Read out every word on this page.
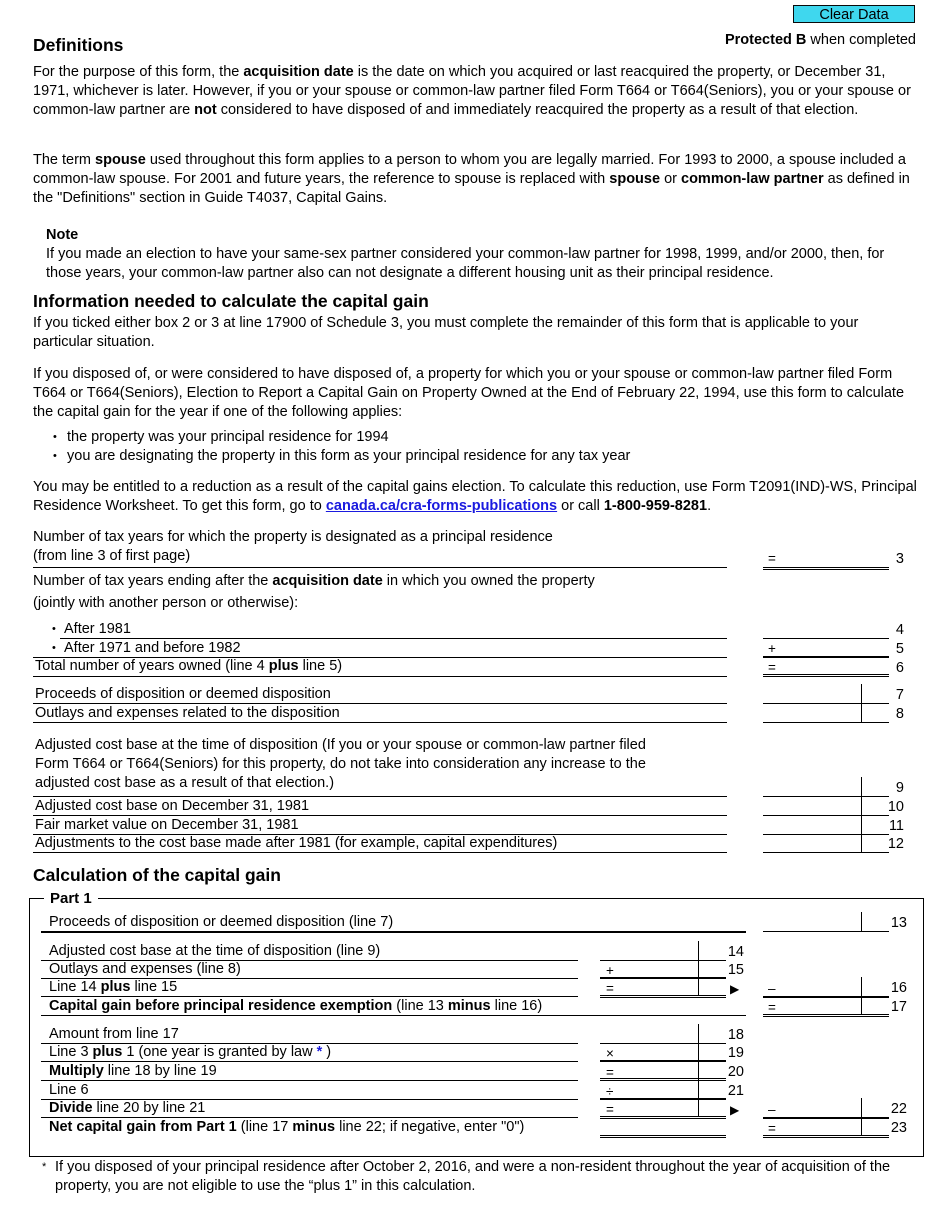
Clear Data
Protected B when completed
Definitions
For the purpose of this form, the acquisition date is the date on which you acquired or last reacquired the property, or December 31, 1971, whichever is later. However, if you or your spouse or common-law partner filed Form T664 or T664(Seniors), you or your spouse or common-law partner are not considered to have disposed of and immediately reacquired the property as a result of that election.
The term spouse used throughout this form applies to a person to whom you are legally married. For 1993 to 2000, a spouse included a common-law spouse. For 2001 and future years, the reference to spouse is replaced with spouse or common-law partner as defined in the "Definitions" section in Guide T4037, Capital Gains.
Note
If you made an election to have your same-sex partner considered your common-law partner for 1998, 1999, and/or 2000, then, for those years, your common-law partner also can not designate a different housing unit as their principal residence.
Information needed to calculate the capital gain
If you ticked either box 2 or 3 at line 17900 of Schedule 3, you must complete the remainder of this form that is applicable to your particular situation.
If you disposed of, or were considered to have disposed of, a property for which you or your spouse or common-law partner filed Form T664 or T664(Seniors), Election to Report a Capital Gain on Property Owned at the End of February 22, 1994, use this form to calculate the capital gain for the year if one of the following applies:
• the property was your principal residence for 1994
• you are designating the property in this form as your principal residence for any tax year
You may be entitled to a reduction as a result of the capital gains election. To calculate this reduction, use Form T2091(IND)-WS, Principal Residence Worksheet. To get this form, go to canada.ca/cra-forms-publications or call 1-800-959-8281.
Number of tax years for which the property is designated as a principal residence
(from line 3 of first page)	=	3
Number of tax years ending after the acquisition date in which you owned the property
(jointly with another person or otherwise):
• After 1981	4
• After 1971 and before 1982	+	5
Total number of years owned (line 4 plus line 5)	=	6
Proceeds of disposition or deemed disposition	7
Outlays and expenses related to the disposition	8
Adjusted cost base at the time of disposition (If you or your spouse or common-law partner filed
Form T664 or T664(Seniors) for this property, do not take into consideration any increase to the
adjusted cost base as a result of that election.)	9
Adjusted cost base on December 31, 1981	10
Fair market value on December 31, 1981	11
Adjustments to the cost base made after 1981 (for example, capital expenditures)	12
Calculation of the capital gain
Part 1
Proceeds of disposition or deemed disposition (line 7)	13
Adjusted cost base at the time of disposition (line 9)	14
Outlays and expenses (line 8)	+	15
Line 14 plus line 15	=	▶ –	16
Capital gain before principal residence exemption (line 13 minus line 16)	=	17
Amount from line 17	18
Line 3 plus 1 (one year is granted by law * )	×	19
Multiply line 18 by line 19	=	20
Line 6	÷	21
Divide line 20 by line 21	=	▶ –	22
Net capital gain from Part 1 (line 17 minus line 22; if negative, enter "0")	=	23
* If you disposed of your principal residence after October 2, 2016, and were a non-resident throughout the year of acquisition of the property, you are not eligible to use the “plus 1” in this calculation.
